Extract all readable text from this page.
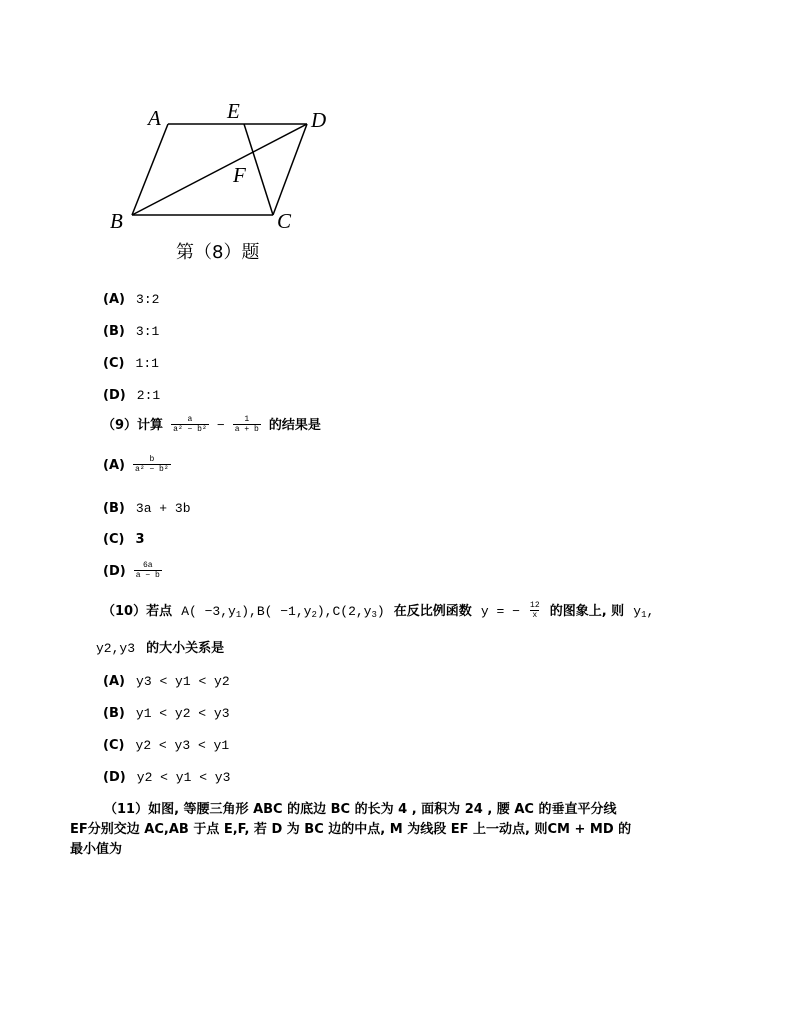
A	E	D
F
B	C
第（8）题
(A) 3:2
(B) 3:1
(C) 1:1
(D) 2:1
（9）计算 $\frac{a}{\text{a² − b²}} - \frac{1}{a + b}$ 的结果是
$(A) \frac{b}{\text{a² − b²}}$
(B) 3a + 3b
(C) 3
$(D) \frac{6a}{a - b}$
（10）若点 $A( -3,y_1),B( -1,y_2),C(2,y_3)$ 在反比例函数 y = − $\frac{12}{x}$ 的图象上, 则 $y_1$,
y2,y3 的大小关系是
(A) y3 < y1 < y2
(B) y1 < y2 < y3
(C) y2 < y3 < y1
(D) y2 < y1 < y3
（11）如图, 等腰三角形 ABC 的底边 BC 的长为 4 , 面积为 24 , 腰 AC 的垂直平分线
EF分别交边 AC,AB 于点 E,F, 若 D 为 BC 边的中点, M 为线段 EF 上一动点, 则CM + MD 的
最小值为
